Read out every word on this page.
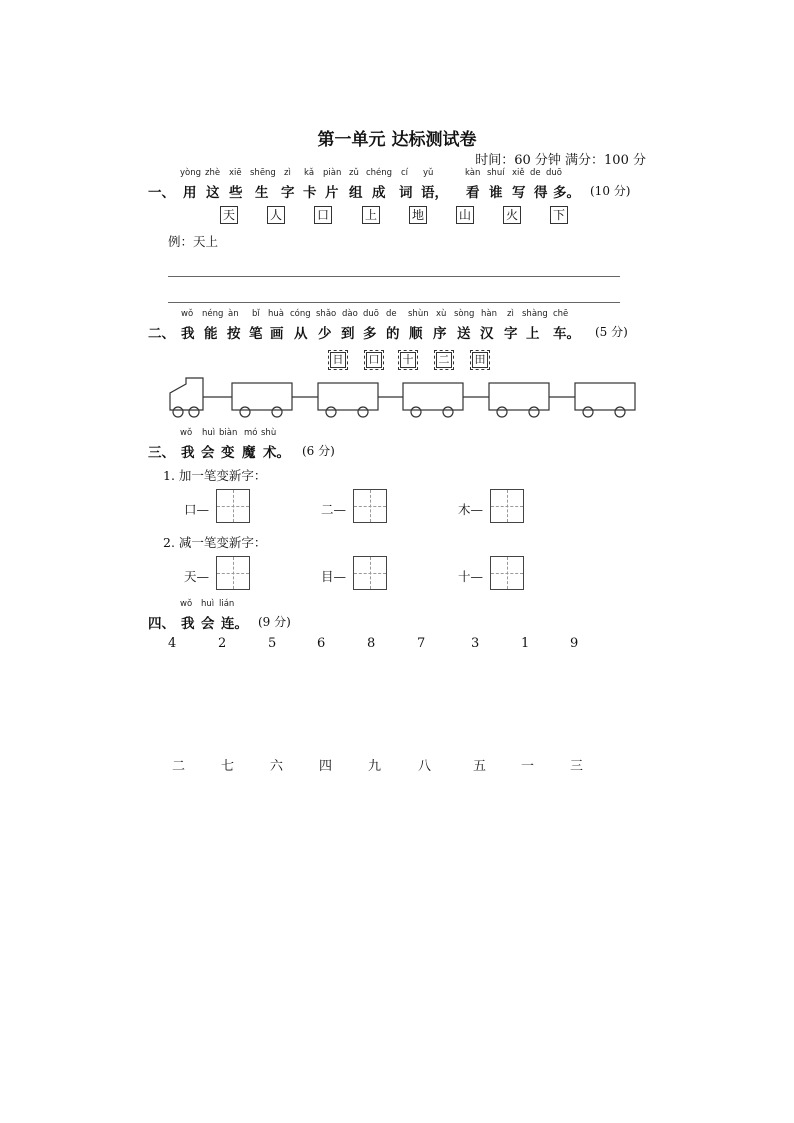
第一单元 达标测试卷
时间：60 分钟 满分：100 分
yòng zhè xiē shēng zì kǎ piàn zǔ chéng cí yǔ	kàn shuí xiě de duō
一、 用 这 些 生 字 卡 片 组 成 词 语， 看 谁 写 得 多。 (10 分)
天	人	口	上	地	山	火	下
例：天上
wǒ néng àn bǐ huà cóng shǎo dào duō de shùn xù sòng hàn zì shàng chē
二、 我 能 按 笔 画 从 少 到 多 的 顺 序 送 汉 字 上 车。 (5 分)
日	口	十	二	田
wǒ huì biàn mó shù
三、 我 会 变 魔 术。 (6 分)
1. 加一笔变新字：
口—	二—	木—
2. 减一笔变新字：
天—	目—	十—
wǒ huì lián
四、 我 会 连。 (9 分)
4	2	5	6	8	7	3	1	9
二	七	六	四	九	八	五	一	三
